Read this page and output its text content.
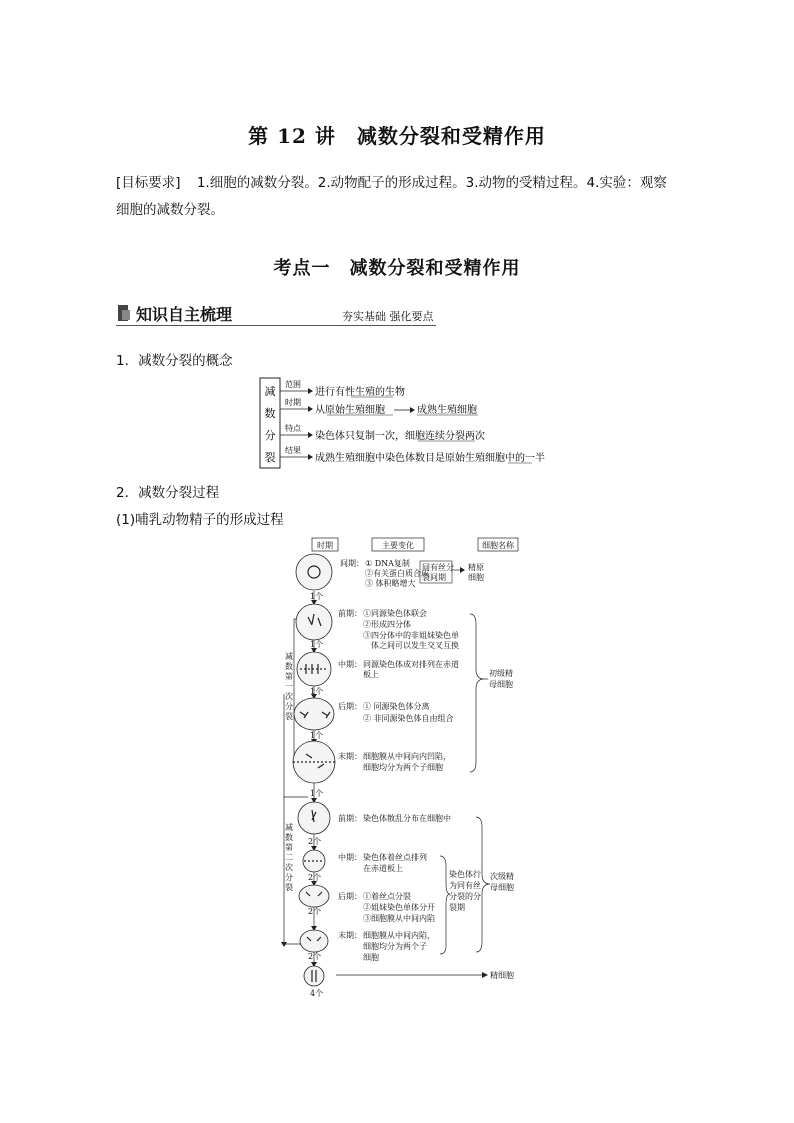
第 12 讲　减数分裂和受精作用
[目标要求] 1.细胞的减数分裂。2.动物配子的形成过程。3.动物的受精过程。4.实验：观察
细胞的减数分裂。
考点一　减数分裂和受精作用
知识自主梳理	夯实基础 强化要点
1．减数分裂的概念
减
数
分
裂
范围
进行有性生殖的生物
时期
从原始生殖细胞	成熟生殖细胞
特点
染色体只复制一次，细胞连续分裂两次
结果
成熟生殖细胞中染色体数目是原始生殖细胞中的一半
2．减数分裂过程
(1)哺乳动物精子的形成过程
时期	主要变化	细胞名称
1个
1个
1个
1个
1个
2个
2个
2个
2个
4个
减数第一次分裂
减数第二次分裂
间期： ① DNA复制
②有关蛋白质合成
③ 体积略增大
同有丝分
裂间期
精原
细胞
前期： ①同源染色体联会
②形成四分体
③四分体中的非姐妹染色单
体之间可以发生交叉互换
中期： 同源染色体成对排列在赤道
板上
后期： ① 同源染色体分离
② 非同源染色体自由组合
末期： 细胞膜从中间向内凹陷，
细胞均分为两个子细胞
初级精
母细胞
前期： 染色体散乱分布在细胞中
中期： 染色体着丝点排列
在赤道板上
后期： ①着丝点分裂
②姐妹染色单体分开
③细胞膜从中间内陷
末期： 细胞膜从中间内陷，
细胞均分为两个子
细胞
染色体行
为同有丝
分裂的分
裂期
次级精
母细胞
精细胞
